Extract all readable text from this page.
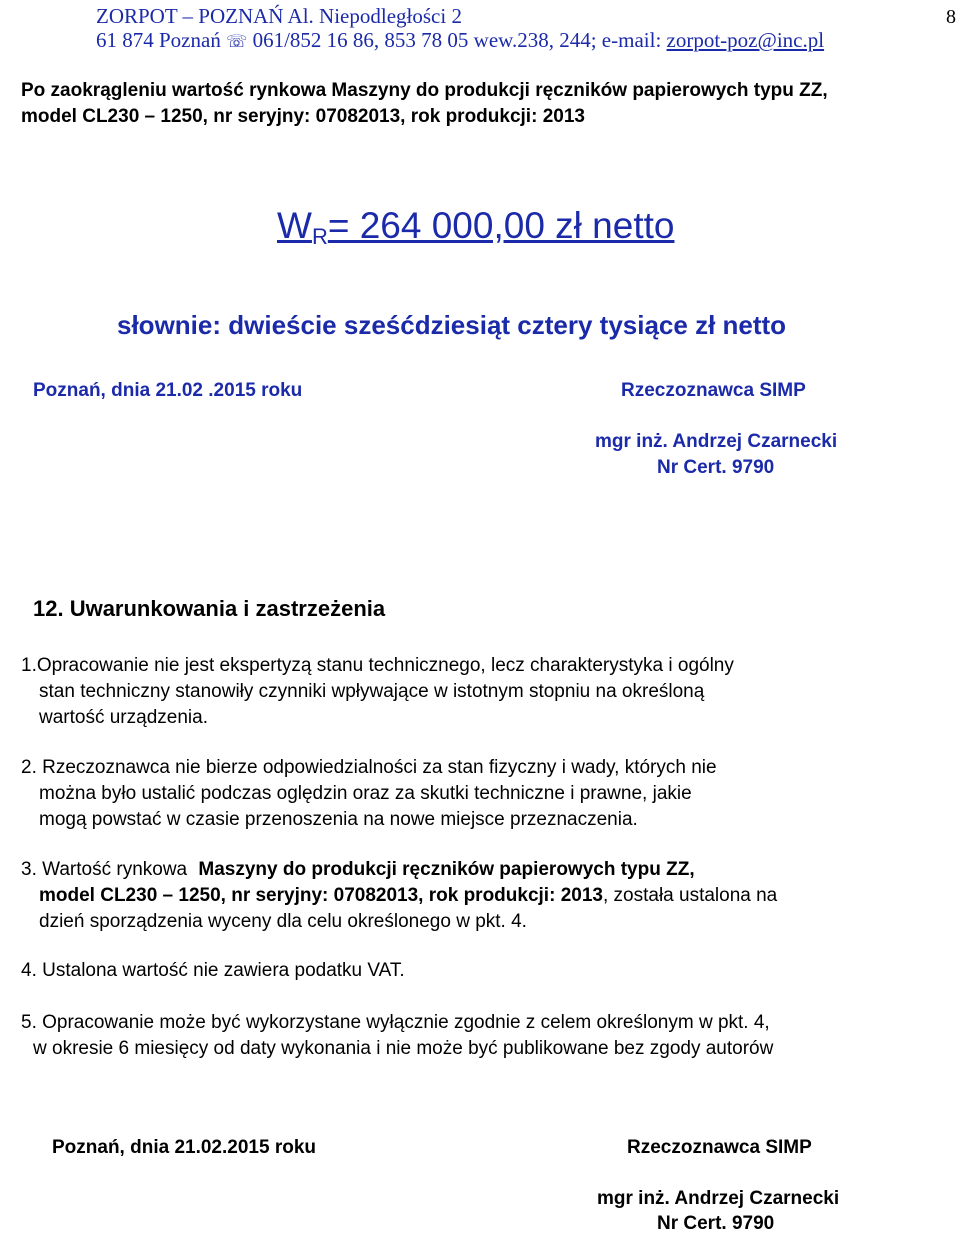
ZORPOT – POZNAŃ Al. Niepodległości 2	8
61 874 Poznań ☏ 061/852 16 86, 853 78 05 wew.238, 244; e-mail: zorpot-poz@inc.pl
Po zaokrągleniu wartość rynkowa Maszyny do produkcji ręczników papierowych typu ZZ,
model CL230 – 1250, nr seryjny: 07082013, rok produkcji: 2013
$W_R= 264$ 000,00 zł netto
słownie: dwieście sześćdziesiąt cztery tysiące zł netto
Poznań, dnia 21.02 .2015 roku	Rzeczoznawca SIMP
mgr inż. Andrzej Czarnecki
Nr Cert. 9790
12. Uwarunkowania i zastrzeżenia
1.Opracowanie nie jest ekspertyzą stanu technicznego, lecz charakterystyka i ogólny
stan techniczny stanowiły czynniki wpływające w istotnym stopniu na określoną
wartość urządzenia.
2. Rzeczoznawca nie bierze odpowiedzialności za stan fizyczny i wady, których nie
można było ustalić podczas oględzin oraz za skutki techniczne i prawne, jakie
mogą powstać w czasie przenoszenia na nowe miejsce przeznaczenia.
3. Wartość rynkowa Maszyny do produkcji ręczników papierowych typu ZZ,
model CL230 – 1250, nr seryjny: 07082013, rok produkcji: 2013, została ustalona na
dzień sporządzenia wyceny dla celu określonego w pkt. 4.
4. Ustalona wartość nie zawiera podatku VAT.
5. Opracowanie może być wykorzystane wyłącznie zgodnie z celem określonym w pkt. 4,
w okresie 6 miesięcy od daty wykonania i nie może być publikowane bez zgody autorów
Poznań, dnia 21.02.2015 roku	Rzeczoznawca SIMP
mgr inż. Andrzej Czarnecki
Nr Cert. 9790
